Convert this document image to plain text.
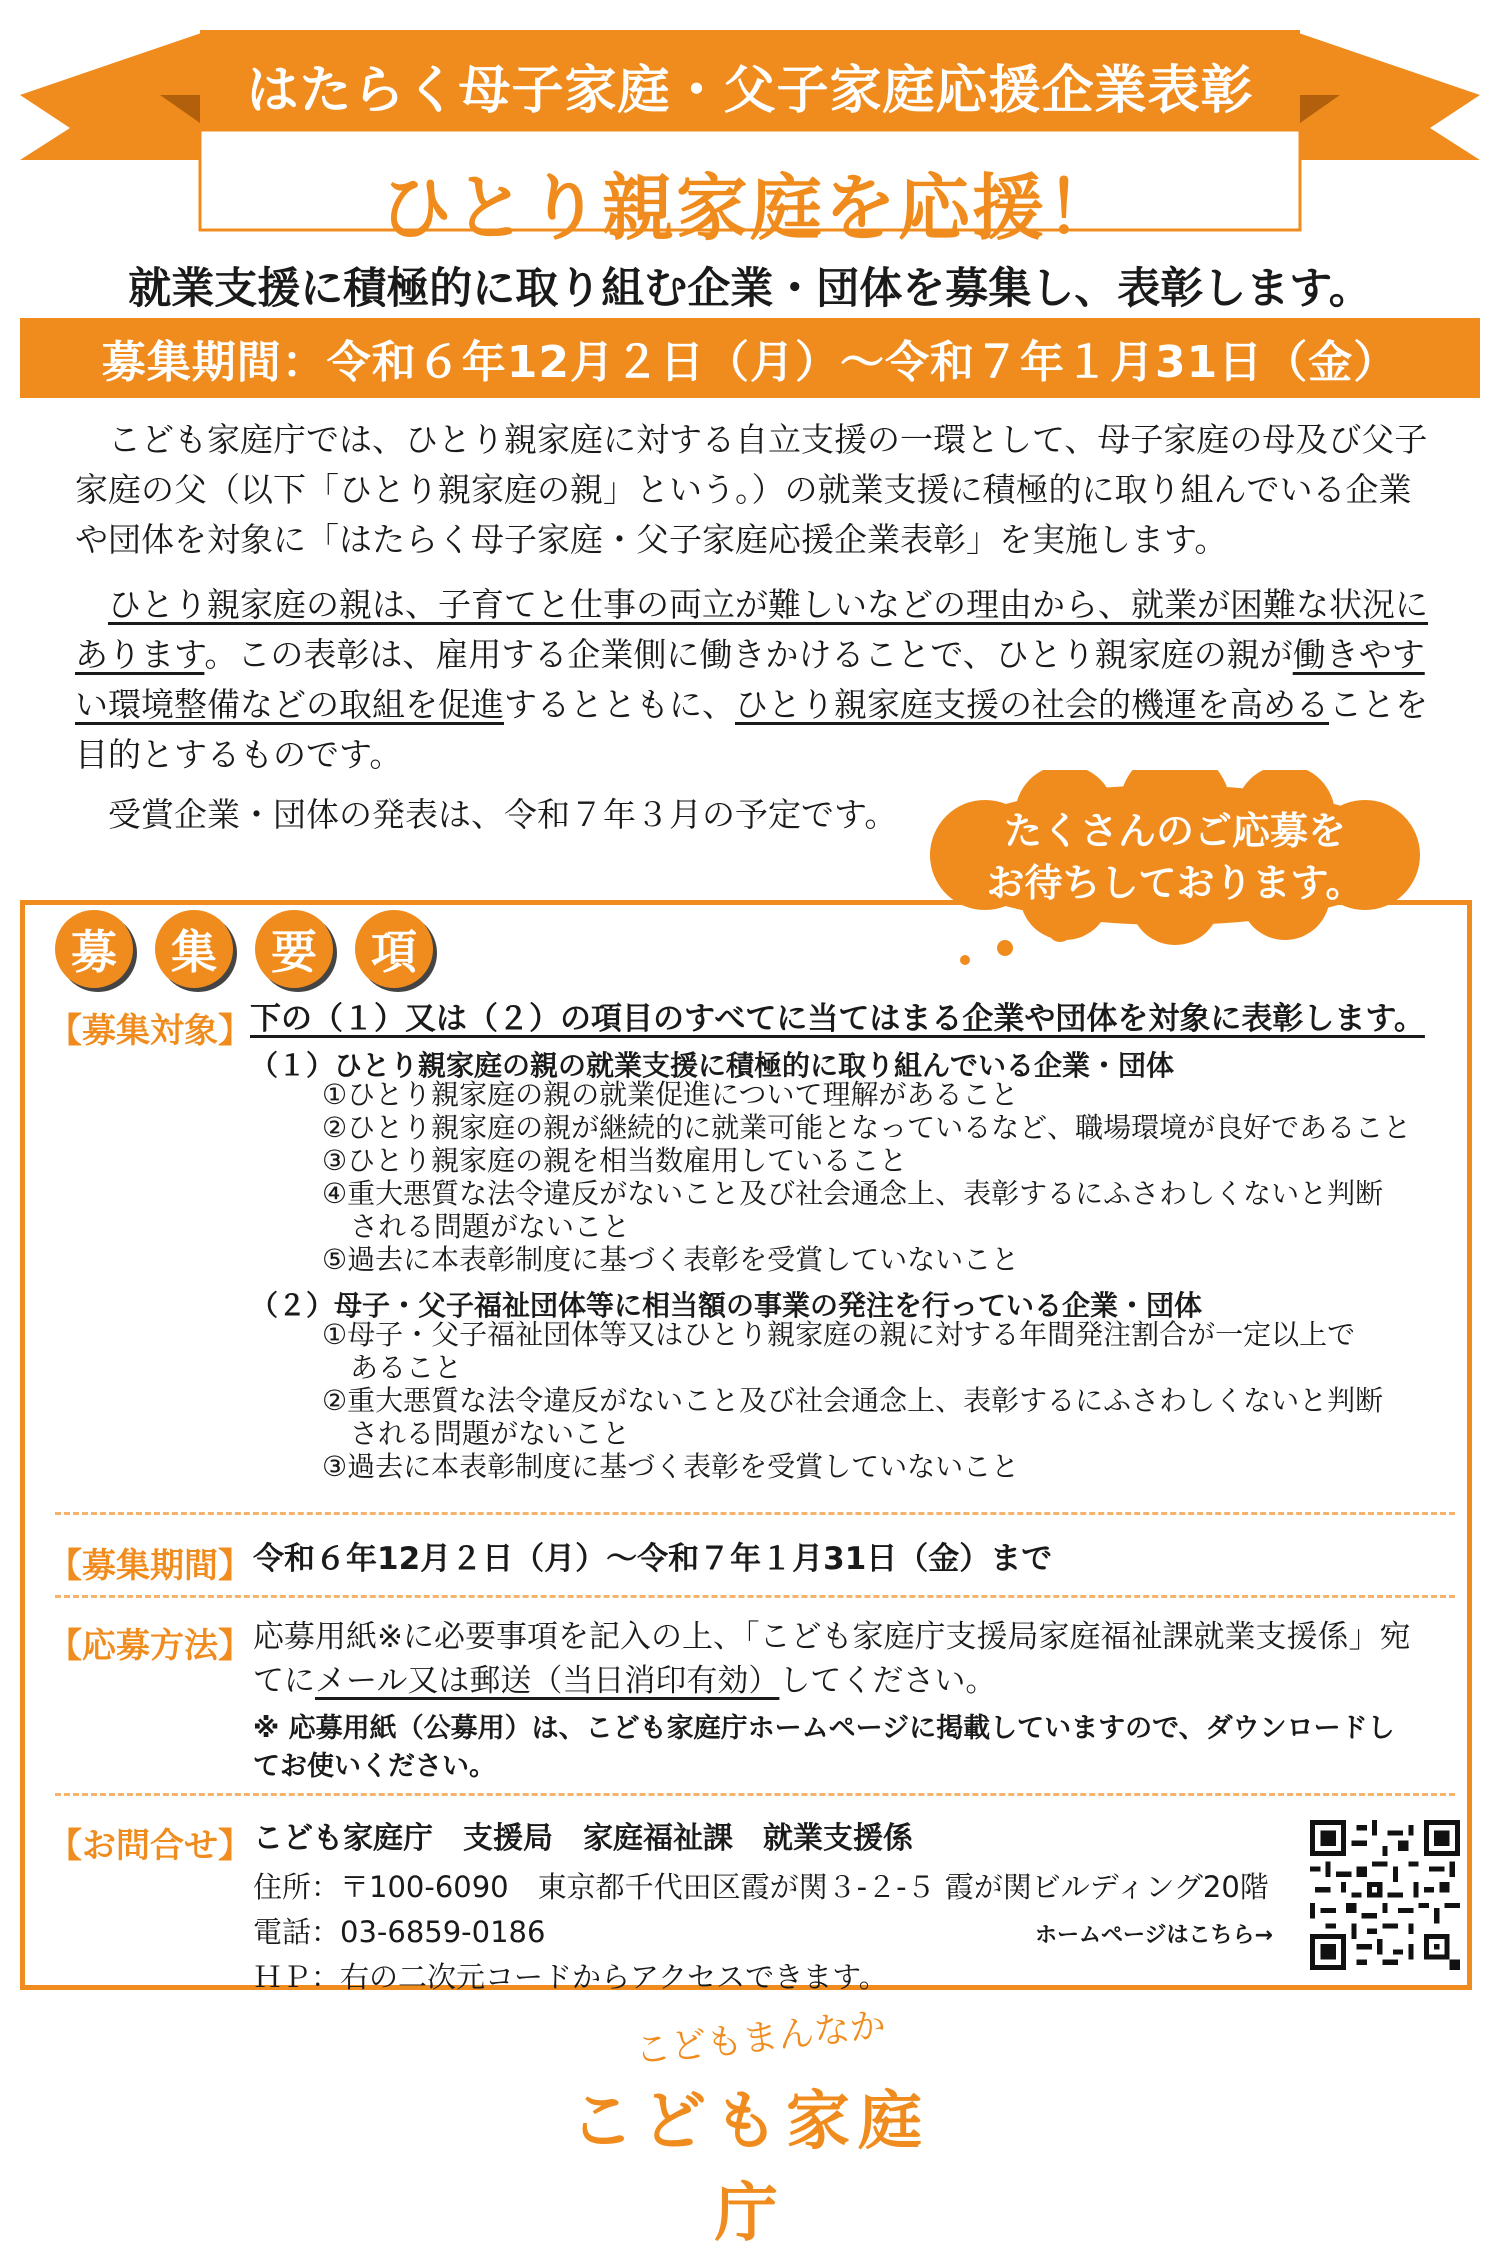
はたらく母子家庭・父子家庭応援企業表彰
ひとり親家庭を応援！
就業支援に積極的に取り組む企業・団体を募集し、表彰します。
募集期間：令和６年12月２日（月）～令和７年１月31日（金）
こども家庭庁では、ひとり親家庭に対する自立支援の一環として、母子家庭の母及び父子家庭の父（以下「ひとり親家庭の親」という。）の就業支援に積極的に取り組んでいる企業や団体を対象に「はたらく母子家庭・父子家庭応援企業表彰」を実施します。
ひとり親家庭の親は、子育てと仕事の両立が難しいなどの理由から、就業が困難な状況にあります。この表彰は、雇用する企業側に働きかけることで、ひとり親家庭の親が働きやすい環境整備などの取組を促進するとともに、ひとり親家庭支援の社会的機運を高めることを目的とするものです。
受賞企業・団体の発表は、令和７年３月の予定です。	たくさんのご応募を
お待ちしております。
募	集	要	項
【募集対象】
下の（１）又は（２）の項目のすべてに当てはまる企業や団体を対象に表彰します。
（１）ひとり親家庭の親の就業支援に積極的に取り組んでいる企業・団体
①ひとり親家庭の親の就業促進について理解があること
②ひとり親家庭の親が継続的に就業可能となっているなど、職場環境が良好であること
③ひとり親家庭の親を相当数雇用していること
④重大悪質な法令違反がないこと及び社会通念上、表彰するにふさわしくないと判断
　される問題がないこと
⑤過去に本表彰制度に基づく表彰を受賞していないこと
（２）母子・父子福祉団体等に相当額の事業の発注を行っている企業・団体
①母子・父子福祉団体等又はひとり親家庭の親に対する年間発注割合が一定以上で
　あること
②重大悪質な法令違反がないこと及び社会通念上、表彰するにふさわしくないと判断
　される問題がないこと
③過去に本表彰制度に基づく表彰を受賞していないこと
【募集期間】 令和６年12月２日（月）～令和７年１月31日（金）まで
【応募方法】 応募用紙※に必要事項を記入の上、「こども家庭庁支援局家庭福祉課就業支援係」宛
てにメール又は郵送（当日消印有効）してください。
※ 応募用紙（公募用）は、こども家庭庁ホームページに掲載していますので、ダウンロードし
てお使いください。
【お問合せ】 こども家庭庁　支援局　家庭福祉課　就業支援係
住所：〒100-6090　東京都千代田区霞が関３-２-５ 霞が関ビルディング20階
電話：03-6859-0186
ＨＰ：右の二次元コードからアクセスできます。
ホームページはこちら→
こどもまんなか
こども家庭庁
